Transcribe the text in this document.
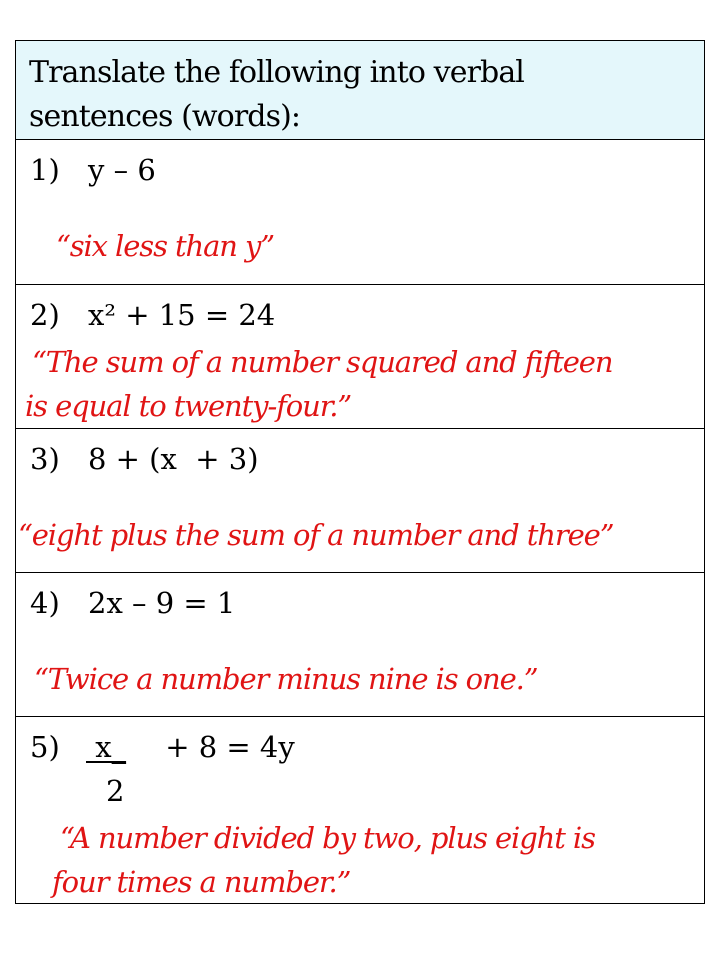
Translate the following into verbal sentences (words):
1) y – 6
“six less than y”
2) x² + 15 = 24
“The sum of a number squared and fifteen
is equal to twenty-four.”
3) 8 + (x  + 3)
“eight plus the sum of a number and three”
4) 2x – 9 = 1
“Twice a number minus nine is one.”
5) x_
2
+ 8 = 4y
“A number divided by two, plus eight is
four times a number.”
